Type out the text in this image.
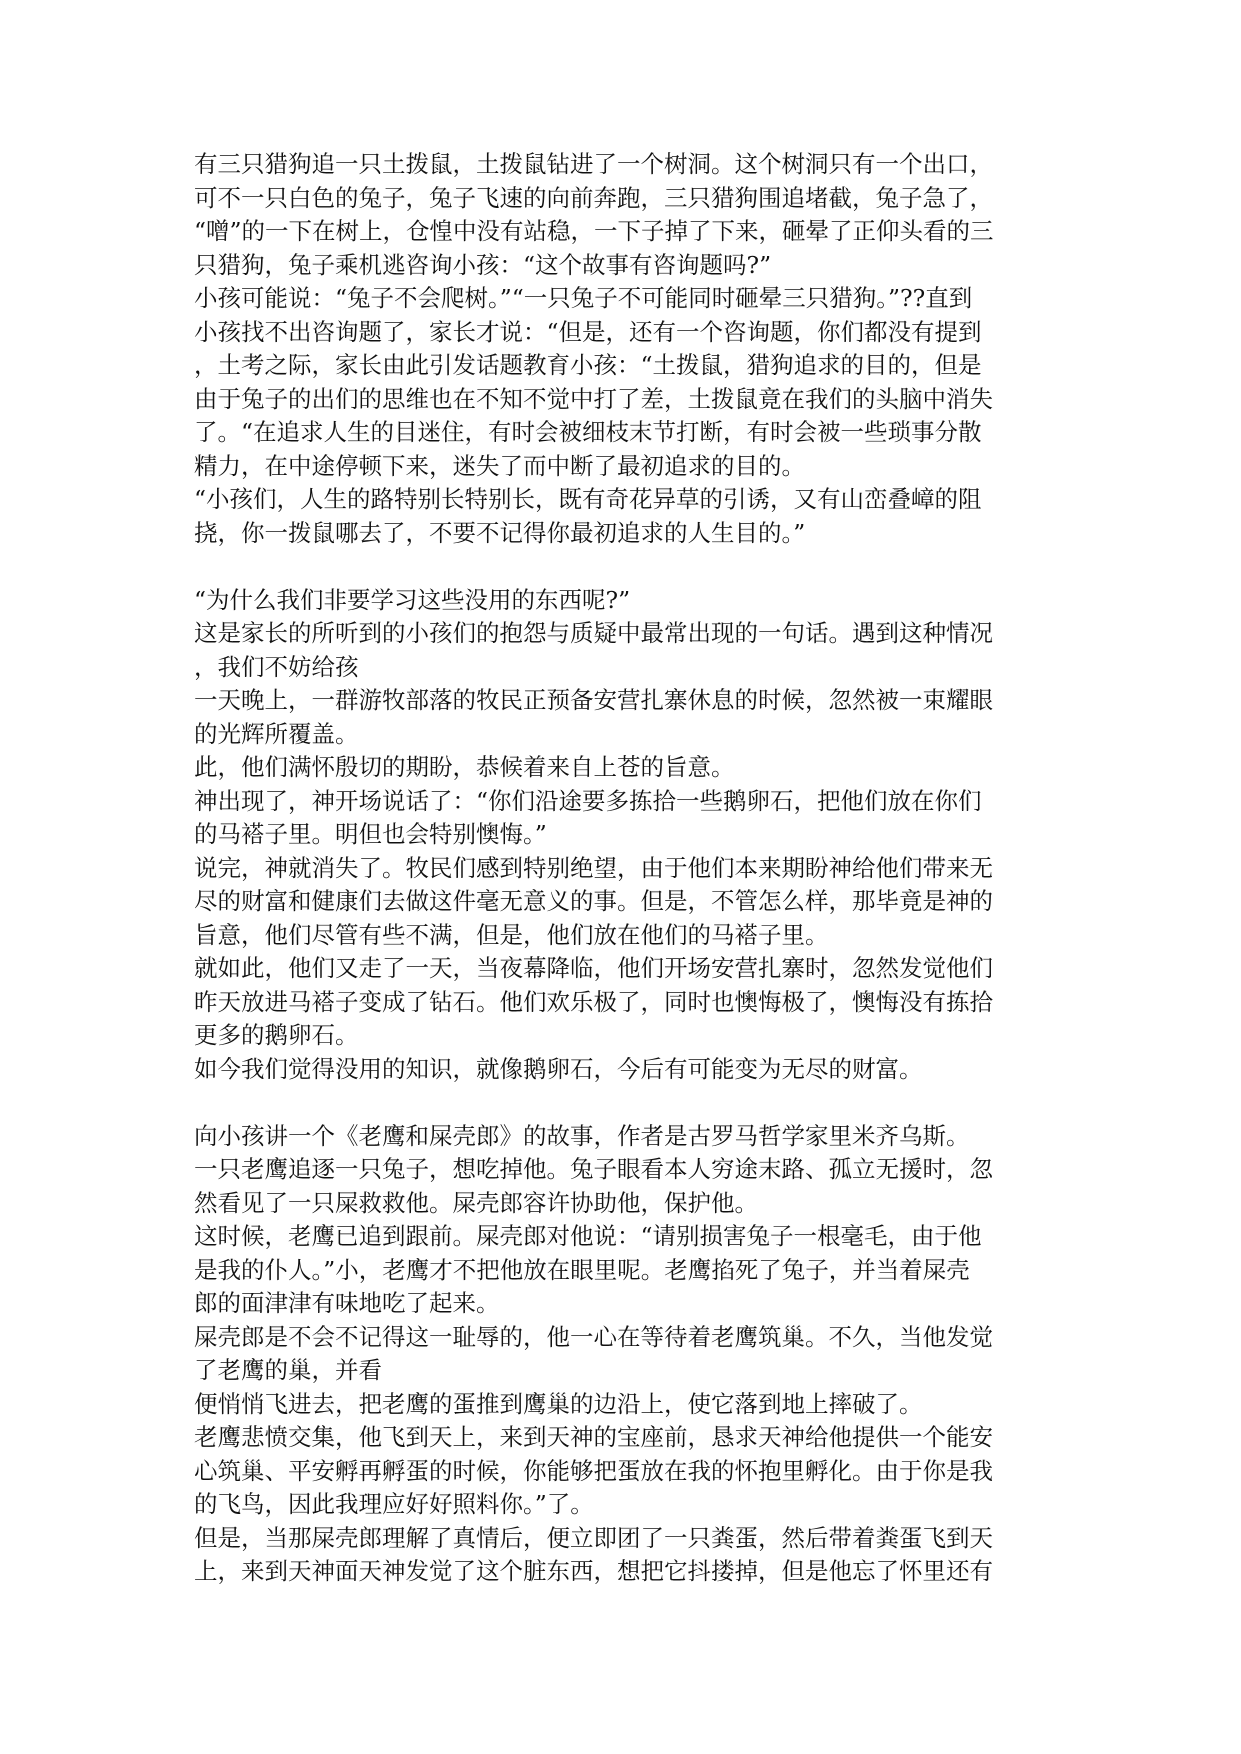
有三只猎狗追一只土拨鼠，土拨鼠钻进了一个树洞。这个树洞只有一个出口，

可不一只白色的兔子，兔子飞速的向前奔跑，三只猎狗围追堵截，兔子急了，

“噌”的一下在树上，仓惶中没有站稳，一下子掉了下来，砸晕了正仰头看的三

只猎狗，兔子乘机逃咨询小孩：“这个故事有咨询题吗?”

小孩可能说：“兔子不会爬树。”“一只兔子不可能同时砸晕三只猎狗。”??直到

小孩找不出咨询题了，家长才说：“但是，还有一个咨询题，你们都没有提到

，土考之际，家长由此引发话题教育小孩：“土拨鼠，猎狗追求的目的，但是

由于兔子的出们的思维也在不知不觉中打了差，土拨鼠竟在我们的头脑中消失

了。“在追求人生的目迷住，有时会被细枝末节打断，有时会被一些琐事分散

精力，在中途停顿下来，迷失了而中断了最初追求的目的。

“小孩们，人生的路特别长特别长，既有奇花异草的引诱，又有山峦叠嶂的阻

挠，你一拨鼠哪去了，不要不记得你最初追求的人生目的。”

“为什么我们非要学习这些没用的东西呢?”

这是家长的所听到的小孩们的抱怨与质疑中最常出现的一句话。遇到这种情况

，我们不妨给孩

一天晚上，一群游牧部落的牧民正预备安营扎寨休息的时候，忽然被一束耀眼

的光辉所覆盖。

此，他们满怀殷切的期盼，恭候着来自上苍的旨意。

神出现了，神开场说话了：“你们沿途要多拣拾一些鹅卵石，把他们放在你们

的马褡子里。明但也会特别懊悔。”

说完，神就消失了。牧民们感到特别绝望，由于他们本来期盼神给他们带来无

尽的财富和健康们去做这件毫无意义的事。但是，不管怎么样，那毕竟是神的

旨意，他们尽管有些不满，但是，他们放在他们的马褡子里。

就如此，他们又走了一天，当夜幕降临，他们开场安营扎寨时，忽然发觉他们

昨天放进马褡子变成了钻石。他们欢乐极了，同时也懊悔极了，懊悔没有拣拾

更多的鹅卵石。

如今我们觉得没用的知识，就像鹅卵石，今后有可能变为无尽的财富。

向小孩讲一个《老鹰和屎壳郎》的故事，作者是古罗马哲学家里米齐乌斯。

一只老鹰追逐一只兔子，想吃掉他。兔子眼看本人穷途末路、孤立无援时，忽

然看见了一只屎救救他。屎壳郎容许协助他，保护他。

这时候，老鹰已追到跟前。屎壳郎对他说：“请别损害兔子一根毫毛，由于他

是我的仆人。”小，老鹰才不把他放在眼里呢。老鹰掐死了兔子，并当着屎壳

郎的面津津有味地吃了起来。

屎壳郎是不会不记得这一耻辱的，他一心在等待着老鹰筑巢。不久，当他发觉

了老鹰的巢，并看

便悄悄飞进去，把老鹰的蛋推到鹰巢的边沿上，使它落到地上摔破了。

老鹰悲愤交集，他飞到天上，来到天神的宝座前，恳求天神给他提供一个能安

心筑巢、平安孵再孵蛋的时候，你能够把蛋放在我的怀抱里孵化。由于你是我

的飞鸟，因此我理应好好照料你。”了。

但是，当那屎壳郎理解了真情后，便立即团了一只粪蛋，然后带着粪蛋飞到天

上，来到天神面天神发觉了这个脏东西，想把它抖搂掉，但是他忘了怀里还有
